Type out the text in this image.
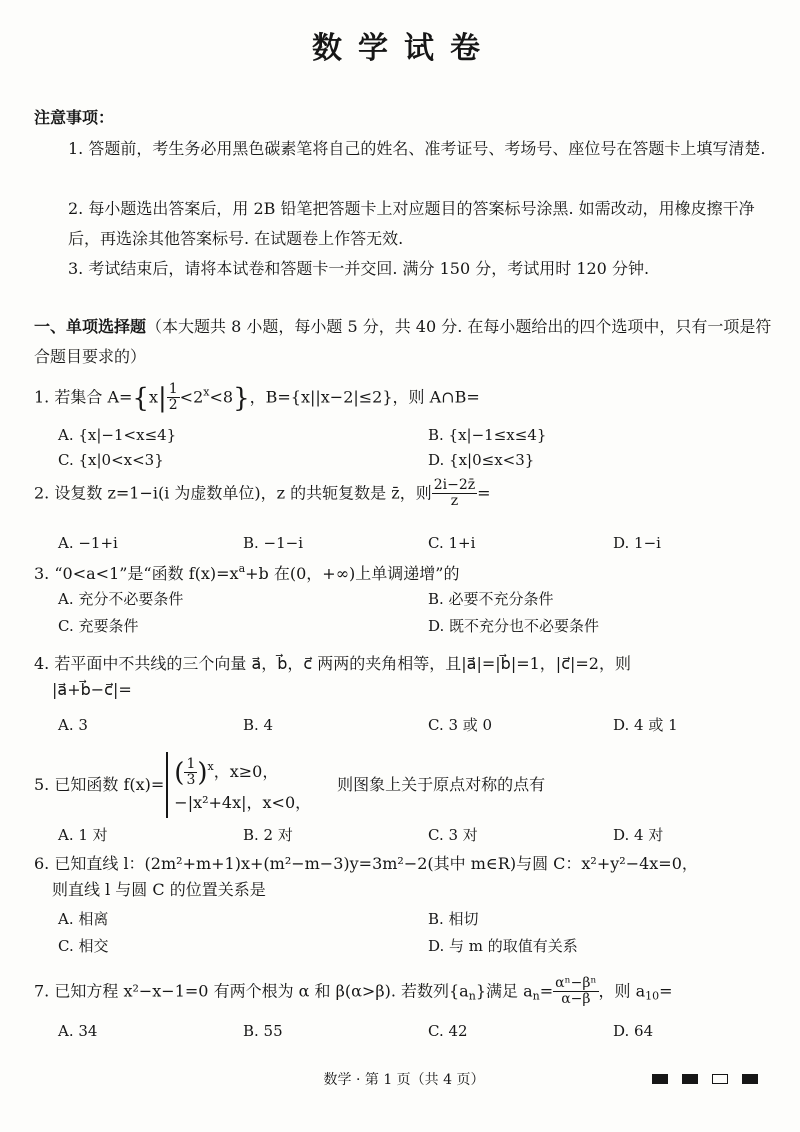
数学试卷
注意事项：
1. 答题前，考生务必用黑色碳素笔将自己的姓名、准考证号、考场号、座位号在答题卡上填写清楚.
2. 每小题选出答案后，用 2B 铅笔把答题卡上对应题目的答案标号涂黑. 如需改动，用橡皮擦干净后，再选涂其他答案标号. 在试题卷上作答无效.
3. 考试结束后，请将本试卷和答题卡一并交回. 满分 150 分，考试用时 120 分钟.
一、单项选择题（本大题共 8 小题，每小题 5 分，共 40 分. 在每小题给出的四个选项中，只有一项是符合题目要求的）
1. 若集合 $A=\{x| \frac{1}{2} <2^x<8\}$，B={x||x−2|≤2}，则 A∩B=
A. {x|−1<x≤4}	B. {x|−1≤x≤4}
C. {x|0<x<3}	D. {x|0≤x<3}
2. 设复数 z=1−i(i 为虚数单位)，z 的共轭复数是 z̄，则 $\frac{2i-2z̄}{z}$ =
A. −1+i	B. −1−i	C. 1+i	D. 1−i
3. “0<a<1”是“函数 $f(x)=x^a+b$ 在(0，+∞)上单调递增”的
A. 充分不必要条件	B. 必要不充分条件
C. 充要条件	D. 既不充分也不必要条件
4. 若平面中不共线的三个向量 a⃗，b⃗，c⃗ 两两的夹角相等，且|a⃗|=|b⃗|=1，|c⃗|=2，则
|a⃗+b⃗−c⃗|=
A. 3	B. 4	C. 3 或 0	D. 4 或 1
5. 已知函数 f(x)= ( $\frac{1}{3} )^x$，x≥0，
−|x²+4x|，x<0，
则图象上关于原点对称的点有
A. 1 对	B. 2 对	C. 3 对	D. 4 对
6. 已知直线 l：(2m²+m+1)x+(m²−m−3)y=3m²−2(其中 m∈R)与圆 C：x²+y²−4x=0，
则直线 l 与圆 C 的位置关系是
A. 相离	B. 相切
C. 相交	D. 与 m 的取值有关系
7. 已知方程 x²−x−1=0 有两个根为 α 和 β(α>β). 若数列$\{a_n\}$满足 $a_n= \frac{\text{αⁿ−βⁿ}}{\alpha-\beta}$ ，则 $a_{10}=$
A. 34	B. 55	C. 42	D. 64
数学 · 第 1 页（共 4 页）
